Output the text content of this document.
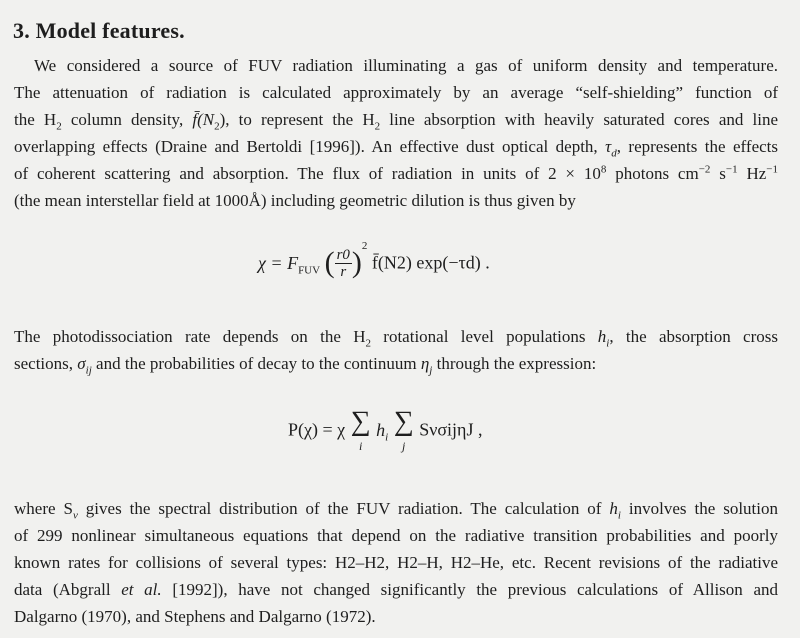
3. Model features.
We considered a source of FUV radiation illuminating a gas of uniform density and temperature.
The attenuation of radiation is calculated approximately by an average “self-shielding” function of
the $H_2$ column density, $f̄(N_2)$, to represent the $H_2$ line absorption with heavily saturated cores and line
overlapping effects (Draine and Bertoldi [1996]). An effective dust optical depth, $\tau_d$, represents the effects
of coherent scattering and absorption. The flux of radiation in units of $2 \times 10^8$ photons $cm^{-2}$ $s^{-1}$ $Hz^{-1}$
(the mean interstellar field at 1000Å) including geometric dilution is thus given by
$\chi = F_{FUV}$ ( $\frac{r0}{r} )^2$ f̄(N2) exp(−τd) .
The photodissociation rate depends on the $H_2$ rotational level populations $h_i$, the absorption cross
sections, $\sigma_{ij}$ and the probabilities of decay to the continuum $\eta_j$ through the expression:
P(χ) = χ ∑
i
$h_i$
∑
j
SνσijηJ ,
where $S_\nu$ gives the spectral distribution of the FUV radiation. The calculation of $h_i$ involves the solution
of 299 nonlinear simultaneous equations that depend on the radiative transition probabilities and poorly
known rates for collisions of several types: H2–H2, H2–H, H2–He, etc. Recent revisions of the radiative
data (Abgrall et al. [1992]), have not changed significantly the previous calculations of Allison and
Dalgarno (1970), and Stephens and Dalgarno (1972).
